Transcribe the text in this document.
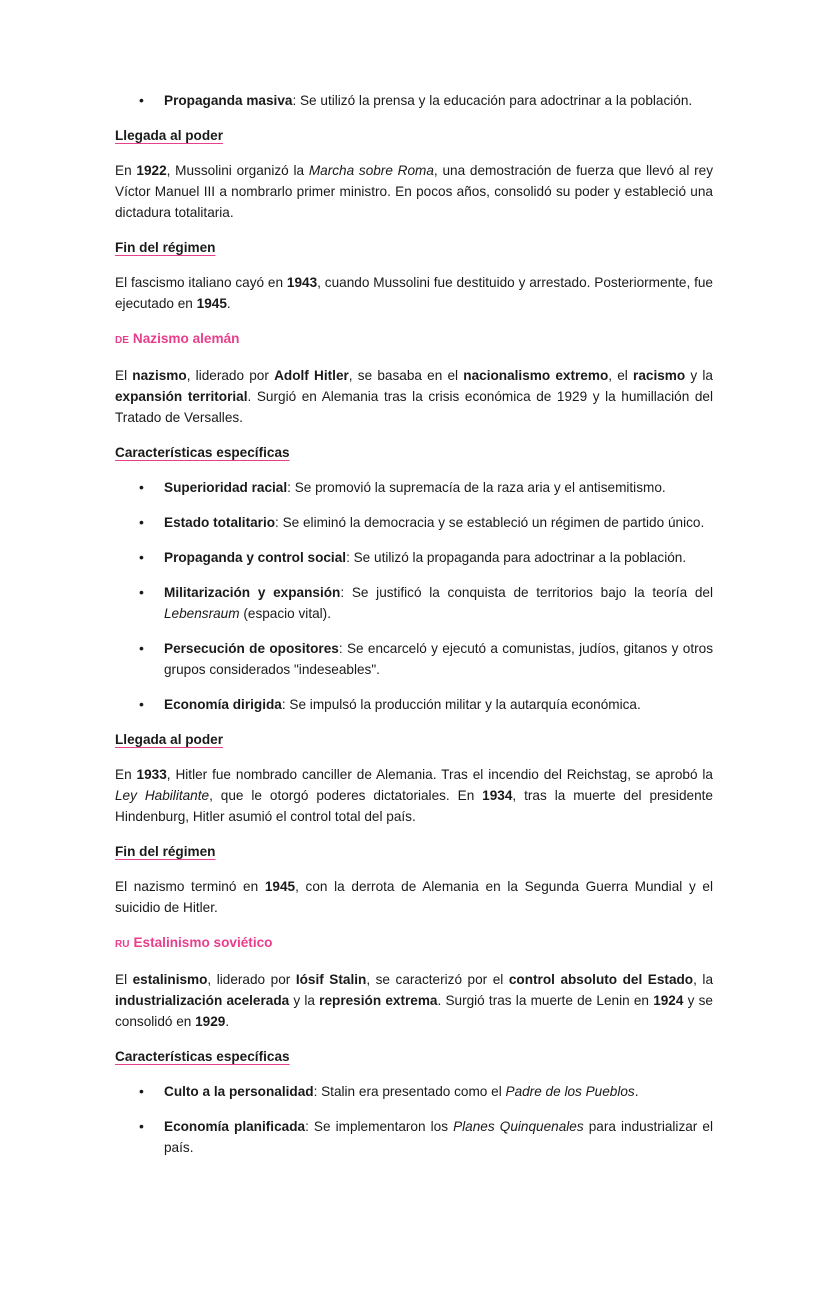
• Propaganda masiva: Se utilizó la prensa y la educación para adoctrinar a la población.
Llegada al poder

En 1922, Mussolini organizó la Marcha sobre Roma, una demostración de fuerza que llevó al rey Víctor Manuel III a nombrarlo primer ministro. En pocos años, consolidó su poder y estableció una dictadura totalitaria.

Fin del régimen

El fascismo italiano cayó en 1943, cuando Mussolini fue destituido y arrestado. Posteriormente, fue ejecutado en 1945.

DE Nazismo alemán

El nazismo, liderado por Adolf Hitler, se basaba en el nacionalismo extremo, el racismo y la expansión territorial. Surgió en Alemania tras la crisis económica de 1929 y la humillación del Tratado de Versalles.

Características específicas
• Superioridad racial: Se promovió la supremacía de la raza aria y el antisemitismo.
• Estado totalitario: Se eliminó la democracia y se estableció un régimen de partido único.
• Propaganda y control social: Se utilizó la propaganda para adoctrinar a la población.
• Militarización y expansión: Se justificó la conquista de territorios bajo la teoría del Lebensraum (espacio vital).
• Persecución de opositores: Se encarceló y ejecutó a comunistas, judíos, gitanos y otros grupos considerados "indeseables".
• Economía dirigida: Se impulsó la producción militar y la autarquía económica.
Llegada al poder

En 1933, Hitler fue nombrado canciller de Alemania. Tras el incendio del Reichstag, se aprobó la Ley Habilitante, que le otorgó poderes dictatoriales. En 1934, tras la muerte del presidente Hindenburg, Hitler asumió el control total del país.

Fin del régimen

El nazismo terminó en 1945, con la derrota de Alemania en la Segunda Guerra Mundial y el suicidio de Hitler.

RU Estalinismo soviético

El estalinismo, liderado por Iósif Stalin, se caracterizó por el control absoluto del Estado, la industrialización acelerada y la represión extrema. Surgió tras la muerte de Lenin en 1924 y se consolidó en 1929.

Características específicas
• Culto a la personalidad: Stalin era presentado como el Padre de los Pueblos.
• Economía planificada: Se implementaron los Planes Quinquenales para industrializar el país.
